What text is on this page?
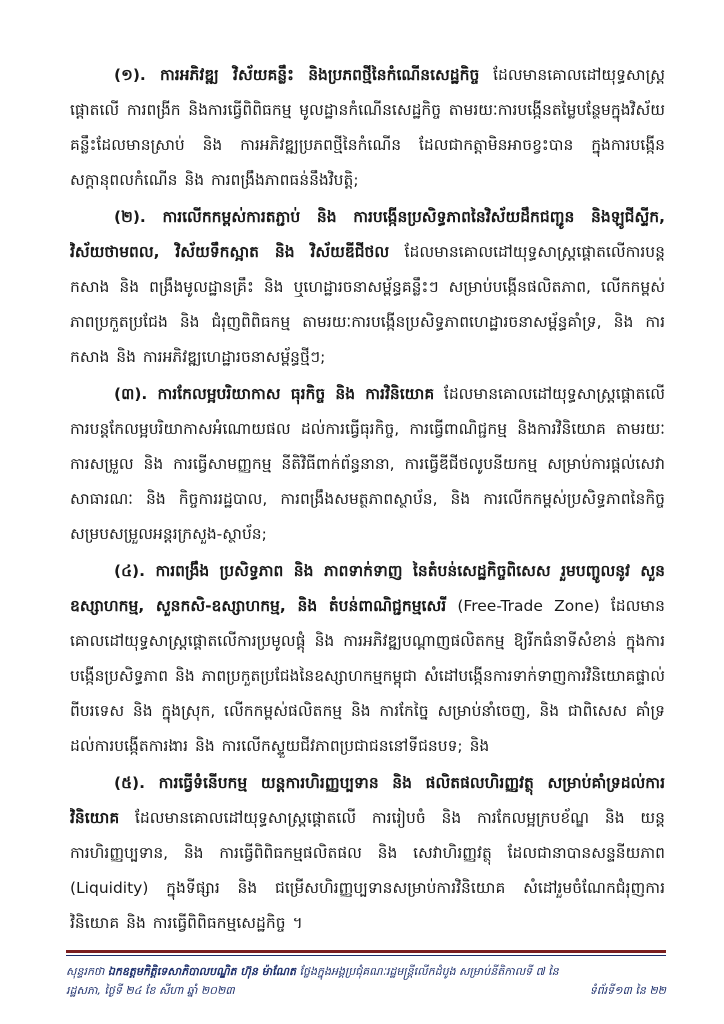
(១). ការអភិវឌ្ឍ វិស័យគន្លឹះ និងប្រភពថ្មីនៃកំណើនសេដ្ឋកិច្ច ដែលមានគោលដៅយុទ្ធសាស្ត្រផ្ដោតលើ ការពង្រីក និងការធ្វើពិពិធកម្ម មូលដ្ឋានកំណើនសេដ្ឋកិច្ច តាមរយៈការបង្កើនតម្លៃបន្ថែមក្នុងវិស័យគន្លឹះដែលមានស្រាប់ និង ការអភិវឌ្ឍប្រភពថ្មីនៃកំណើន ដែលជាកត្តាមិនអាចខ្វះបាន ក្នុងការបង្កើនសក្ដានុពលកំណើន និង ការពង្រឹងភាពធន់នឹងវិបត្តិ;

(២). ការលើកកម្ពស់ការតភ្ជាប់ និង ការបង្កើនប្រសិទ្ធភាពនៃវិស័យដឹកជញ្ជូន និងឡូជីស្ទីក, វិស័យថាមពល, វិស័យទឹកស្អាត និង វិស័យឌីជីថល ដែលមានគោលដៅយុទ្ធសាស្ត្រផ្ដោតលើការបន្តកសាង និង ពង្រឹងមូលដ្ឋានគ្រឹះ និង ឬហេដ្ឋារចនាសម្ព័ន្ធគន្លឹះៗ សម្រាប់បង្កើនផលិតភាព, លើកកម្ពស់ភាពប្រកួតប្រជែង និង ជំរុញពិពិធកម្ម តាមរយៈការបង្កើនប្រសិទ្ធភាពហេដ្ឋារចនាសម្ព័ន្ធគាំទ្រ, និង ការកសាង និង ការអភិវឌ្ឍហេដ្ឋារចនាសម្ព័ន្ធថ្មីៗ;

(៣). ការកែលម្អបរិយាកាស ធុរកិច្ច និង ការវិនិយោគ ដែលមានគោលដៅយុទ្ធសាស្ត្រផ្ដោតលើ ការបន្តកែលម្អបរិយាកាសអំណោយផល ដល់ការធ្វើធុរកិច្ច, ការធ្វើពាណិជ្ជកម្ម និងការវិនិយោគ តាមរយៈ ការសម្រួល និង ការធ្វើសាមញ្ញកម្ម នីតិវិធីពាក់ព័ន្ធនានា, ការធ្វើឌីជីថលូបនីយកម្ម សម្រាប់ការផ្ដល់សេវាសាធារណៈ និង កិច្ចការរដ្ឋបាល, ការពង្រឹងសមត្ថភាពស្ថាប័ន, និង ការលើកកម្ពស់ប្រសិទ្ធភាពនៃកិច្ចសម្របសម្រួលអន្តរក្រសួង-ស្ថាប័ន;

(៤). ការពង្រឹង ប្រសិទ្ធភាព និង ភាពទាក់ទាញ នៃតំបន់សេដ្ឋកិច្ចពិសេស រួមបញ្ចូលនូវ សួនឧស្សាហកម្ម, សួនកសិ-ឧស្សាហកម្ម, និង តំបន់ពាណិជ្ជកម្មសេរី (Free-Trade Zone) ដែលមានគោលដៅយុទ្ធសាស្ត្រផ្ដោតលើការប្រមូលផ្ដុំ និង ការអភិវឌ្ឍបណ្ដាញផលិតកម្ម ឱ្យរីកធំនាទីសំខាន់ ក្នុងការបង្កើនប្រសិទ្ធភាព និង ភាពប្រកួតប្រជែងនៃឧស្សាហកម្មកម្ពុជា សំដៅបង្កើនការទាក់ទាញការវិនិយោគផ្ទាល់ ពីបរទេស និង ក្នុងស្រុក, លើកកម្ពស់ផលិតកម្ម និង ការកែច្នៃ សម្រាប់នាំចេញ, និង ជាពិសេស គាំទ្រដល់ការបង្កើតការងារ និង ការលើកស្ទួយជីវភាពប្រជាជននៅទីជនបទ; និង

(៥). ការធ្វើទំនើបកម្ម យន្តការហិរញ្ញប្បទាន និង ផលិតផលហិរញ្ញវត្ថុ សម្រាប់គាំទ្រដល់ការវិនិយោគ ដែលមានគោលដៅយុទ្ធសាស្ត្រផ្ដោតលើ ការរៀបចំ និង ការកែលម្អក្របខ័ណ្ឌ និង យន្តការហិរញ្ញប្បទាន, និង ការធ្វើពិពិធកម្មផលិតផល និង សេវាហិរញ្ញវត្ថុ ដែលជានាបានសន្ទនីយភាព (Liquidity) ក្នុងទីផ្សារ និង ជម្រើសហិរញ្ញប្បទានសម្រាប់ការវិនិយោគ សំដៅរួមចំណែកជំរុញការវិនិយោគ និង ការធ្វើពិពិធកម្មសេដ្ឋកិច្ច ។

សុន្ទរកថា ឯកឧត្តមកិត្តិទេសាភិបាលបណ្ឌិត ហ៊ុន ម៉ាណែត ថ្លែងក្នុងអង្គប្រជុំគណៈរដ្ឋមន្ត្រីលើកដំបូង សម្រាប់នីតិកាលទី ៧ នៃ
រដ្ឋសភា, ថ្ងៃទី ២៤ ខែ សីហា ឆ្នាំ ២០២៣	ទំព័រទី១៣ នៃ ២២
